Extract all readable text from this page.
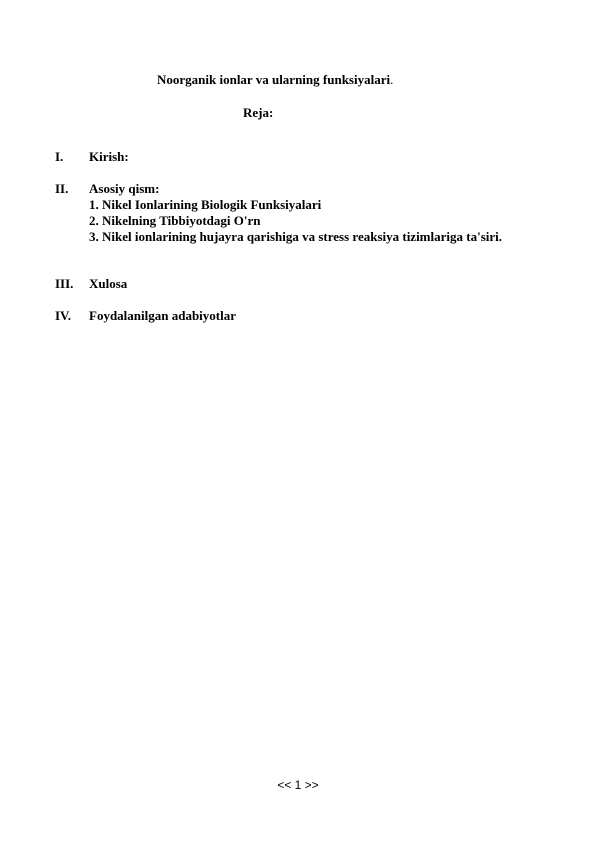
Noorganik ionlar va ularning funksiyalari.
Reja:
I. Kirish:
II. Asosiy qism:
1. Nikel Ionlarining Biologik Funksiyalari
2. Nikelning Tibbiyotdagi O'rn
3. Nikel ionlarining hujayra qarishiga va stress reaksiya tizimlariga ta'siri.
III. Xulosa
IV. Foydalanilgan adabiyotlar
<< 1 >>
